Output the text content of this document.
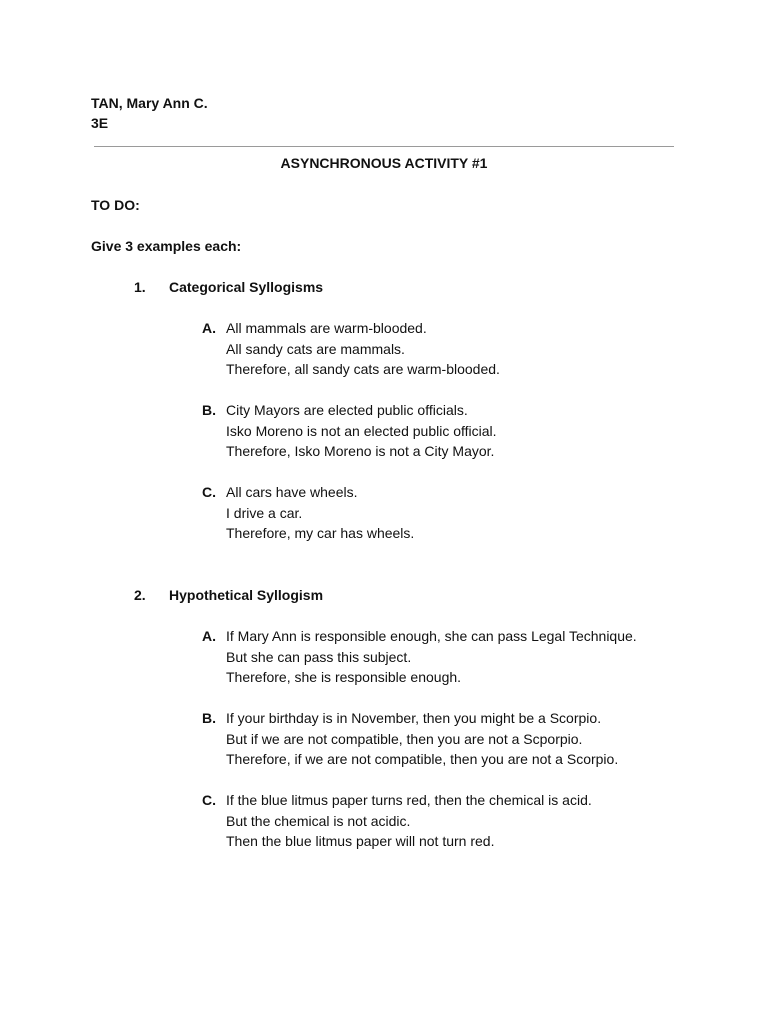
TAN, Mary Ann C.
3E
ASYNCHRONOUS ACTIVITY #1
TO DO:
Give 3 examples each:
1. Categorical Syllogisms
A. All mammals are warm-blooded.
All sandy cats are mammals.
Therefore, all sandy cats are warm-blooded.
B. City Mayors are elected public officials.
Isko Moreno is not an elected public official.
Therefore, Isko Moreno is not a City Mayor.
C. All cars have wheels.
I drive a car.
Therefore, my car has wheels.
2. Hypothetical Syllogism
A. If Mary Ann is responsible enough, she can pass Legal Technique.
But she can pass this subject.
Therefore, she is responsible enough.
B. If your birthday is in November, then you might be a Scorpio.
But if we are not compatible, then you are not a Scporpio.
Therefore, if we are not compatible, then you are not a Scorpio.
C. If the blue litmus paper turns red, then the chemical is acid.
But the chemical is not acidic.
Then the blue litmus paper will not turn red.
